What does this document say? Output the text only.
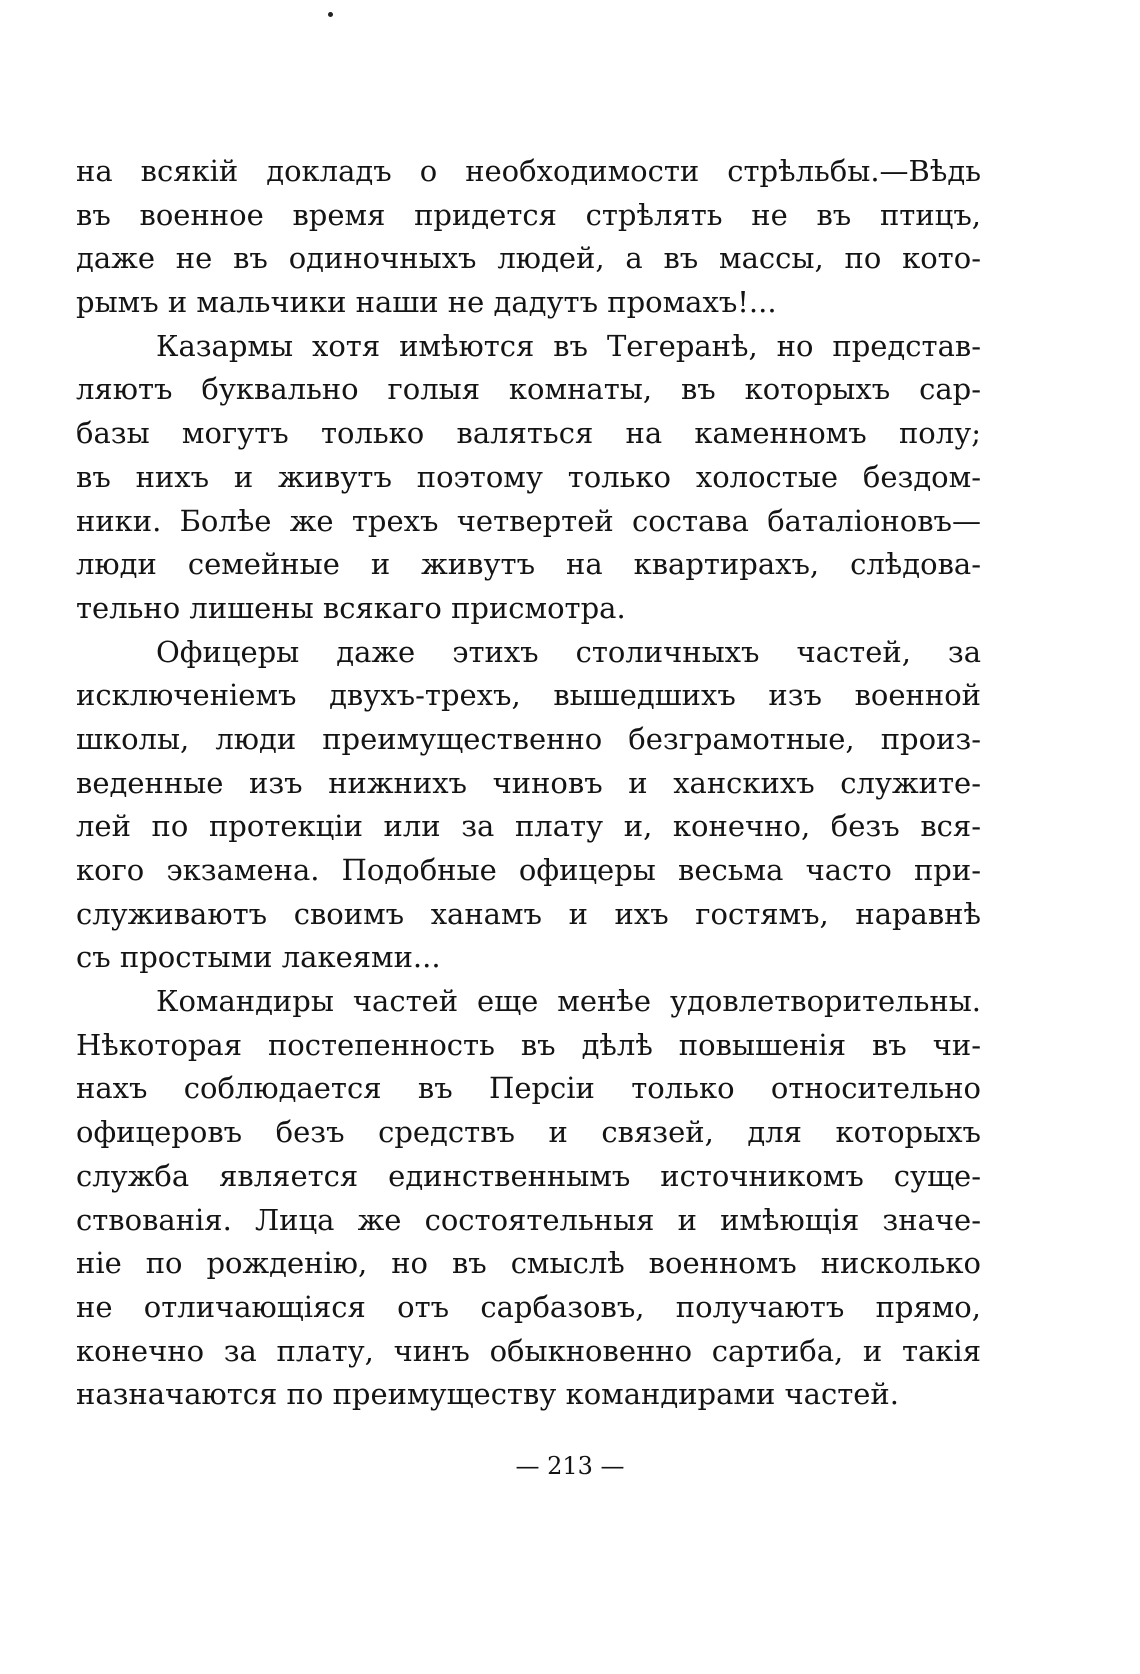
на всякій докладъ о необходимости стрѣльбы.—Вѣдь
въ военное время придется стрѣлять не въ птицъ,
даже не въ одиночныхъ людей, а въ массы, по кото-
рымъ и мальчики наши не дадутъ промахъ!...
Казармы хотя имѣются въ Тегеранѣ, но представ-
ляютъ буквально голыя комнаты, въ которыхъ сар-
базы могутъ только валяться на каменномъ полу;
въ нихъ и живутъ поэтому только холостые бездом-
ники. Болѣе же трехъ четвертей состава баталіоновъ—
люди семейные и живутъ на квартирахъ, слѣдова-
тельно лишены всякаго присмотра.
Офицеры даже этихъ столичныхъ частей, за
исключеніемъ двухъ-трехъ, вышедшихъ изъ военной
школы, люди преимущественно безграмотные, произ-
веденные изъ нижнихъ чиновъ и ханскихъ служите-
лей по протекціи или за плату и, конечно, безъ вся-
кого экзамена. Подобные офицеры весьма часто при-
служиваютъ своимъ ханамъ и ихъ гостямъ, наравнѣ
съ простыми лакеями...
Командиры частей еще менѣе удовлетворительны.
Нѣкоторая постепенность въ дѣлѣ повышенія въ чи-
нахъ соблюдается въ Персіи только относительно
офицеровъ безъ средствъ и связей, для которыхъ
служба является единственнымъ источникомъ суще-
ствованія. Лица же состоятельныя и имѣющія значе-
ніе по рожденію, но въ смыслѣ военномъ нисколько
не отличающіяся отъ сарбазовъ, получаютъ прямо,
конечно за плату, чинъ обыкновенно сартиба, и такія
назначаются по преимуществу командирами частей.
— 213 —
